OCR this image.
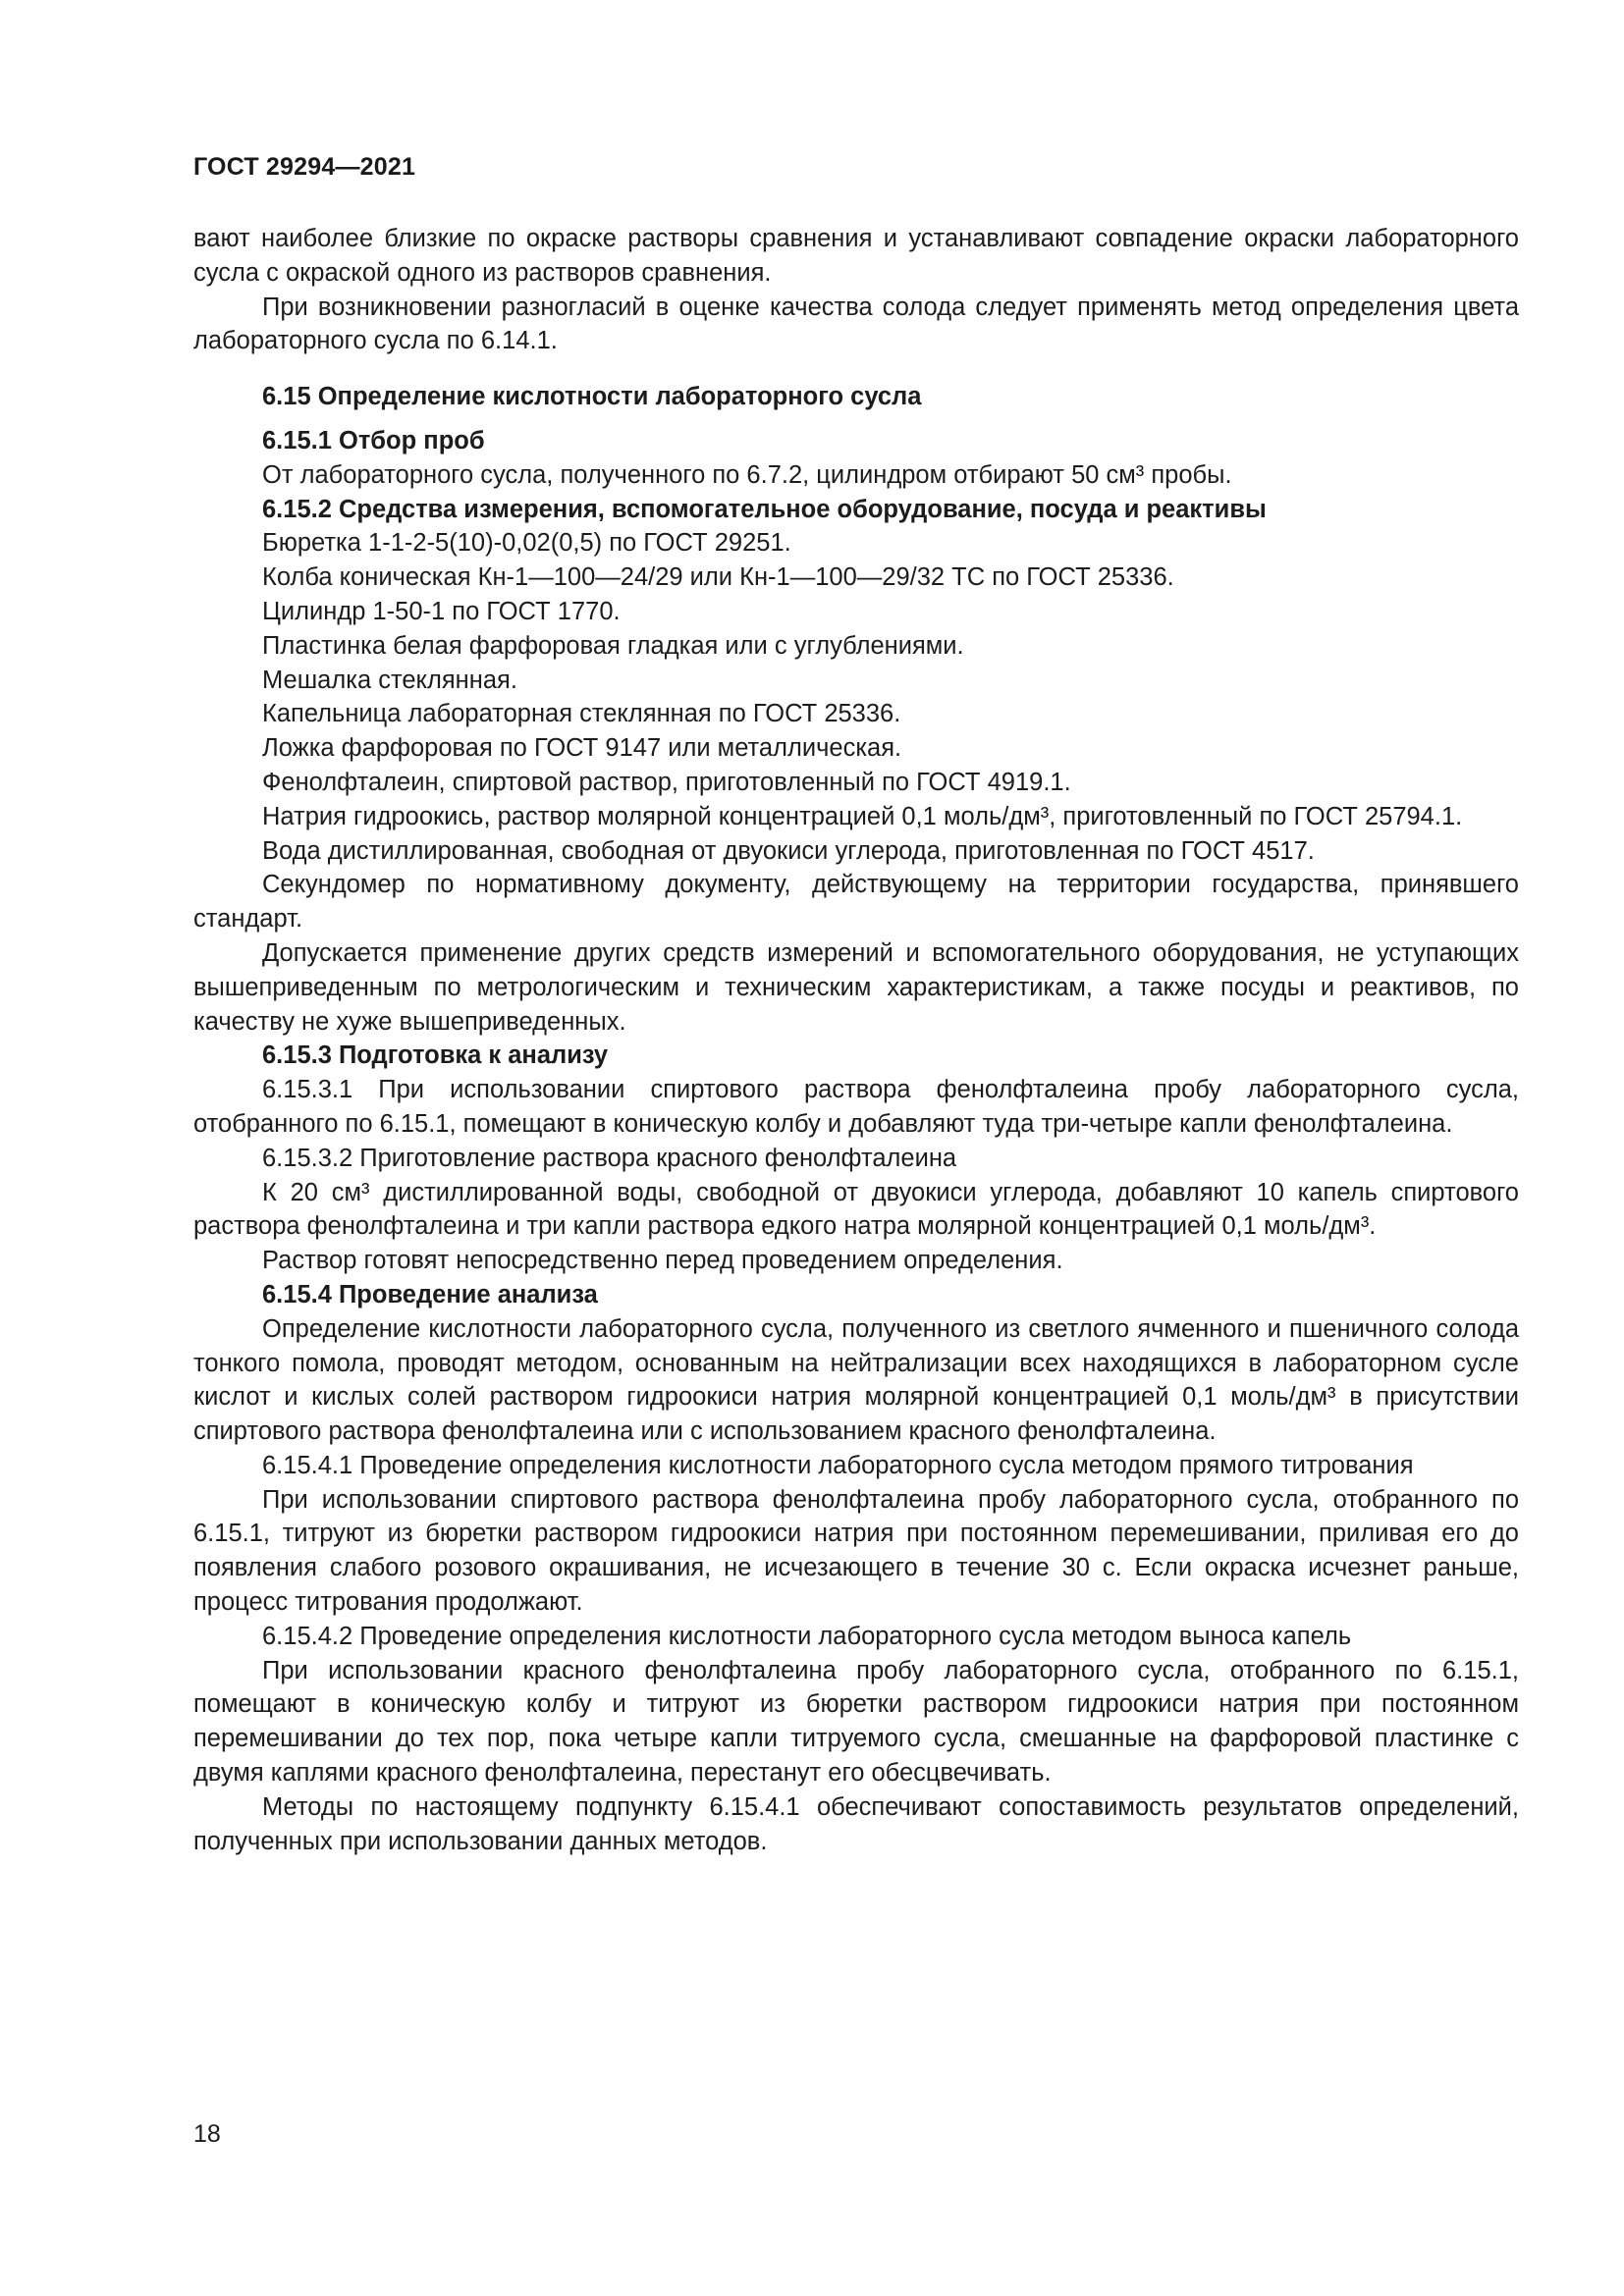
ГОСТ 29294—2021

вают наиболее близкие по окраске растворы сравнения и устанавливают совпадение окраски лабораторного сусла с окраской одного из растворов сравнения.

При возникновении разногласий в оценке качества солода следует применять метод определения цвета лабораторного сусла по 6.14.1.

6.15 Определение кислотности лабораторного сусла

6.15.1 Отбор проб

От лабораторного сусла, полученного по 6.7.2, цилиндром отбирают 50 см³ пробы.

6.15.2 Средства измерения, вспомогательное оборудование, посуда и реактивы

Бюретка 1-1-2-5(10)-0,02(0,5) по ГОСТ 29251.

Колба коническая Кн-1—100—24/29 или Кн-1—100—29/32 ТС по ГОСТ 25336.

Цилиндр 1-50-1 по ГОСТ 1770.

Пластинка белая фарфоровая гладкая или с углублениями.

Мешалка стеклянная.

Капельница лабораторная стеклянная по ГОСТ 25336.

Ложка фарфоровая по ГОСТ 9147 или металлическая.

Фенолфталеин, спиртовой раствор, приготовленный по ГОСТ 4919.1.

Натрия гидроокись, раствор молярной концентрацией 0,1 моль/дм³, приготовленный по ГОСТ 25794.1.

Вода дистиллированная, свободная от двуокиси углерода, приготовленная по ГОСТ 4517.

Секундомер по нормативному документу, действующему на территории государства, принявшего стандарт.

Допускается применение других средств измерений и вспомогательного оборудования, не уступающих вышеприведенным по метрологическим и техническим характеристикам, а также посуды и реактивов, по качеству не хуже вышеприведенных.

6.15.3 Подготовка к анализу

6.15.3.1 При использовании спиртового раствора фенолфталеина пробу лабораторного сусла, отобранного по 6.15.1, помещают в коническую колбу и добавляют туда три-четыре капли фенолфталеина.

6.15.3.2 Приготовление раствора красного фенолфталеина

К 20 см³ дистиллированной воды, свободной от двуокиси углерода, добавляют 10 капель спиртового раствора фенолфталеина и три капли раствора едкого натра молярной концентрацией 0,1 моль/дм³.

Раствор готовят непосредственно перед проведением определения.

6.15.4 Проведение анализа

Определение кислотности лабораторного сусла, полученного из светлого ячменного и пшеничного солода тонкого помола, проводят методом, основанным на нейтрализации всех находящихся в лабораторном сусле кислот и кислых солей раствором гидроокиси натрия молярной концентрацией 0,1 моль/дм³ в присутствии спиртового раствора фенолфталеина или с использованием красного фенолфталеина.

6.15.4.1 Проведение определения кислотности лабораторного сусла методом прямого титрования

При использовании спиртового раствора фенолфталеина пробу лабораторного сусла, отобранного по 6.15.1, титруют из бюретки раствором гидроокиси натрия при постоянном перемешивании, приливая его до появления слабого розового окрашивания, не исчезающего в течение 30 с. Если окраска исчезнет раньше, процесс титрования продолжают.

6.15.4.2 Проведение определения кислотности лабораторного сусла методом выноса капель

При использовании красного фенолфталеина пробу лабораторного сусла, отобранного по 6.15.1, помещают в коническую колбу и титруют из бюретки раствором гидроокиси натрия при постоянном перемешивании до тех пор, пока четыре капли титруемого сусла, смешанные на фарфоровой пластинке с двумя каплями красного фенолфталеина, перестанут его обесцвечивать.

Методы по настоящему подпункту 6.15.4.1 обеспечивают сопоставимость результатов определений, полученных при использовании данных методов.

18
